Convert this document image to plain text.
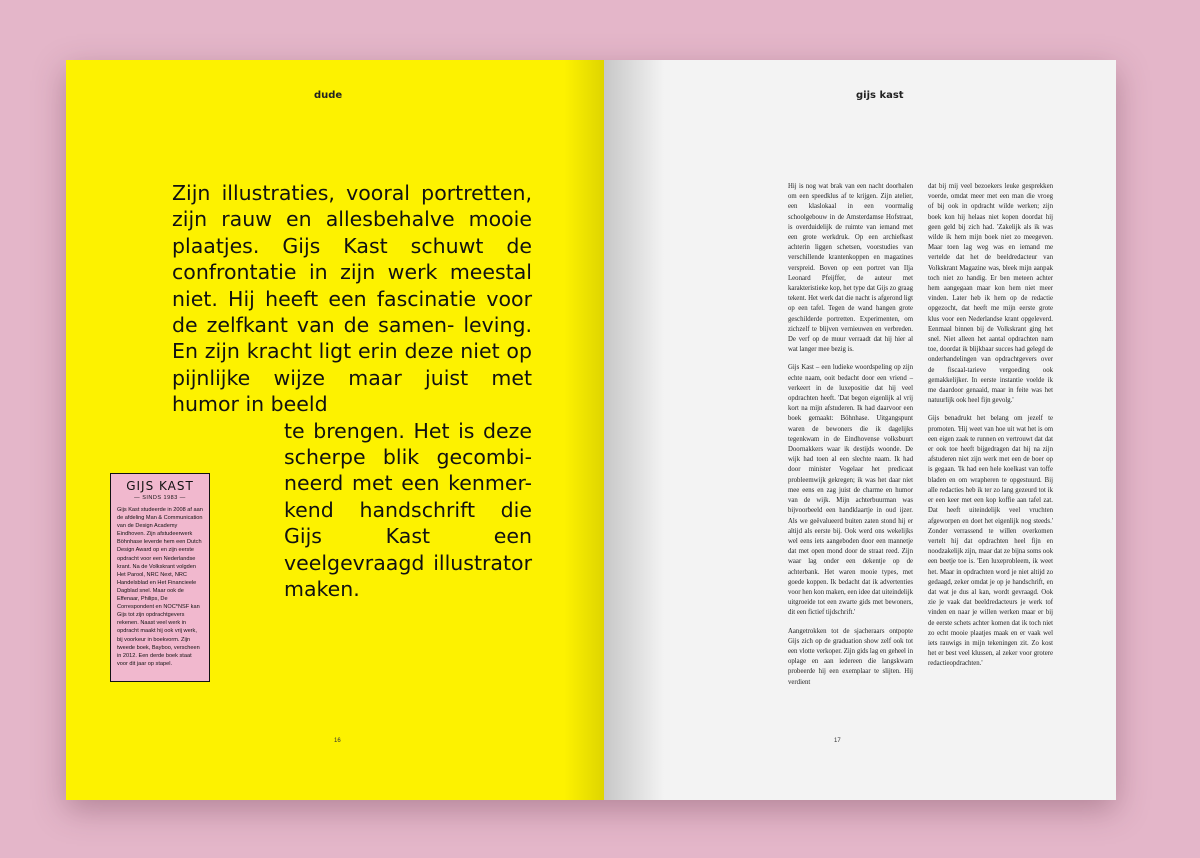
dude
Zijn illustraties, vooral portretten, zijn rauw en allesbehalve mooie plaatjes. Gijs Kast schuwt de confrontatie in zijn werk meestal niet. Hij heeft een fascinatie voor de zelfkant van de samen- leving. En zijn kracht ligt erin deze niet op pijnlijke wijze maar juist met humor in beeld
te brengen. Het is deze scherpe blik gecombi- neerd met een kenmer- kend handschrift die Gijs Kast een veelgevraagd illustrator maken.
GIJS KAST
— SINDS 1983 —
Gijs Kast studeerde in 2008 af aan de afdeling Man & Communication van de Design Academy Eindhoven. Zijn afstudeerwerk Böhnhase leverde hem een Dutch Design Award op en zijn eerste opdracht voor een Nederlandse krant. Na de Volkskrant volgden Het Parool, NRC Next, NRC Handelsblad en Het Financieele Dagblad snel. Maar ook de Effenaar, Philips, De Correspondent en NOC*NSF kan Gijs tot zijn opdrachtgevers rekenen. Naast veel werk in opdracht maakt hij ook vrij werk, bij voorkeur in boekvorm. Zijn tweede boek, Bayboo, verscheen in 2012. Een derde boek staat voor dit jaar op stapel.
16
gijs kast

Hij is nog wat brak van een nacht doorhalen om een speedklus af te krijgen. Zijn atelier, een klaslokaal in een voormalig schoolgebouw in de Amsterdamse Hofstraat, is overduidelijk de ruimte van iemand met een grote werkdruk. Op een archiefkast achterin liggen schetsen, voorstudies van verschillende krantenkoppen en magazines verspreid. Boven op een portret van Ilja Leonard Pfeijffer, de auteur met karakteristieke kop, het type dat Gijs zo graag tekent. Het werk dat die nacht is afgerond ligt op een tafel. Tegen de wand hangen grote geschilderde portretten. Experimenten, om zichzelf te blijven vernieuwen en verbreden. De verf op de muur verraadt dat hij hier al wat langer mee bezig is.

Gijs Kast – een ludieke woordspeling op zijn echte naam, ooit bedacht door een vriend – verkeert in de luxepositie dat hij veel opdrachten heeft. 'Dat begon eigenlijk al vrij kort na mijn afstuderen. Ik had daarvoor een boek gemaakt: Böhnhase. Uitgangspunt waren de bewoners die ik dagelijks tegenkwam in de Eindhovense volksbuurt Doornakkers waar ik destijds woonde. De wijk had toen al een slechte naam. Ik had door minister Vogelaar het predicaat probleemwijk gekregen; ik was het daar niet mee eens en zag juist de charme en humor van de wijk. Mijn achterbuurman was bijvoorbeeld een handklaartje in oud ijzer. Als we geëvalueerd buiten zaten stond hij er altijd als eerste bij. Ook werd ons wekelijks wel eens iets aangeboden door een mannetje dat met open mond door de straat reed. Zijn waar lag onder een dekentje op de achterbank. Het waren mooie types, met goede koppen. Ik bedacht dat ik advertenties voor hen kon maken, een idee dat uiteindelijk uitgroeide tot een zwarte gids met bewoners, dit een fictief tijdschrift.'

Aangetrokken tot de sjacheraars ontpopte Gijs zich op de graduation show zelf ook tot een vlotte verkoper. Zijn gids lag en geheel in oplage en aan iedereen die langskwam probeerde hij een exemplaar te slijten. Hij verdient

dat bij mij veel bezoekers leuke gesprekken voerde, omdat meer met een man die vroeg of bij ook in opdracht wilde werken; zijn boek kon hij helaas niet kopen doordat hij geen geld bij zich had. 'Zakelijk als ik was wilde ik hem mijn boek niet zo meegeven. Maar toen lag weg was en iemand me vertelde dat het de beeldredacteur van Volkskrant Magazine was, bleek mijn aanpak toch niet zo handig. Er ben meteen achter hem aangegaan maar kon hem niet meer vinden. Later heb ik hem op de redactie opgezocht, dat heeft me mijn eerste grote klus voor een Nederlandse krant opgeleverd. Eenmaal binnen bij de Volkskrant ging het snel. Niet alleen het aantal opdrachten nam toe, doordat ik blijkbaar succes had gelegd de onderhandelingen van opdrachtgevers over de fiscaal-tarieve vergoeding ook gemakkelijker. In eerste instantie voelde ik me daardoor genaaid, maar in feite was het natuurlijk ook heel fijn gevolg.'

Gijs benadrukt het belang om jezelf te promoten. 'Hij weet van hoe uit wat het is om een eigen zaak te runnen en vertrouwt dat dat er ook toe heeft bijgedragen dat hij na zijn afstuderen niet zijn werk met een de boer op is gegaan. 'Ik had een hele koelkast van toffe bladen en om wrapheren te opgestuurd. Bij alle redacties heb ik ter zo lang gezeurd tot ik er een keer met een kop koffie aan tafel zat. Dat heeft uiteindelijk veel vruchten afgeworpen en doet het eigenlijk nog steeds.' Zonder verrassend te willen overkomen vertelt hij dat opdrachten heel fijn en noodzakelijk zijn, maar dat ze bijna soms ook een beetje toe is. 'Een luxeprobleem, ik weet het. Maar in opdrachten word je niet altijd zo gedaagd, zeker omdat je op je handschrift, en dat wat je dus al kan, wordt gevraagd. Ook zie je vaak dat beeldredacteurs je werk tof vinden en naar je willen werken maar er bij de eerste schets achter komen dat ik toch niet zo echt mooie plaatjes maak en er vaak wel iets rauwigs in mijn tekeningen zit. Zo kost het er best veel klussen, al zeker voor grotere redactieopdrachten.'

17
